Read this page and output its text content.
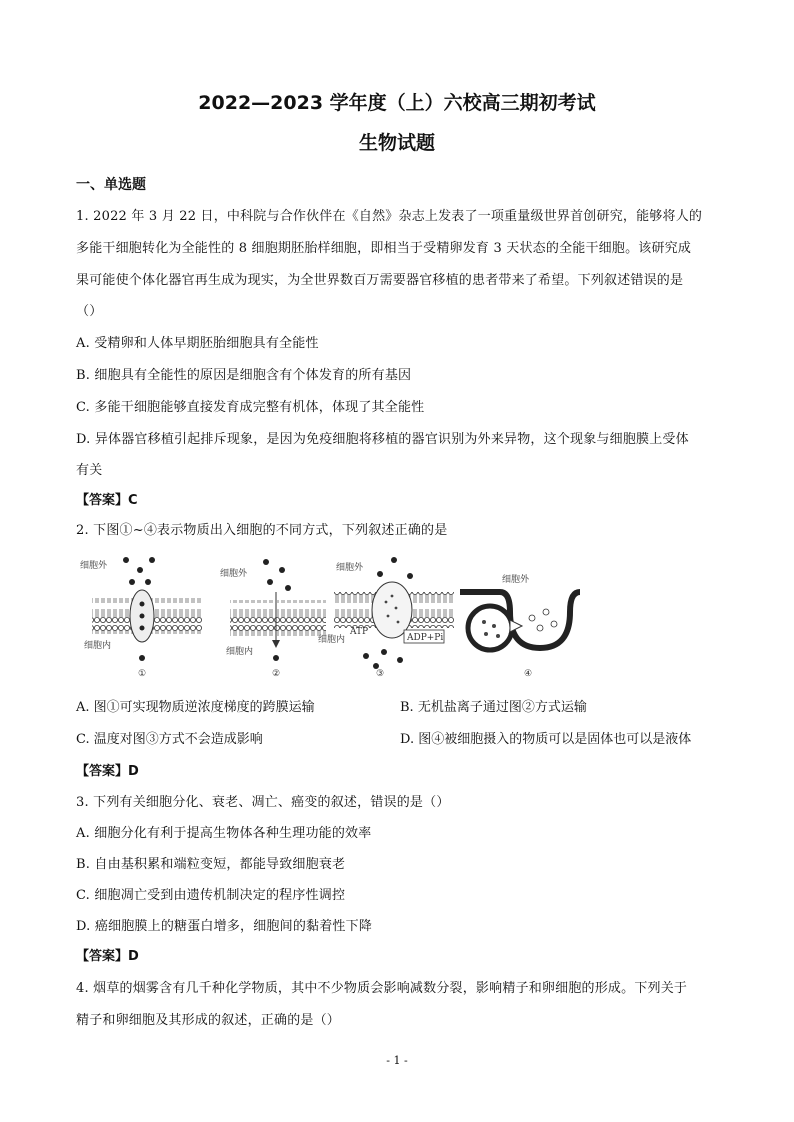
2022—2023 学年度（上）六校高三期初考试
生物试题
一、单选题
1. 2022 年 3 月 22 日，中科院与合作伙伴在《自然》杂志上发表了一项重量级世界首创研究，能够将人的
多能干细胞转化为全能性的 8 细胞期胚胎样细胞，即相当于受精卵发育 3 天状态的全能干细胞。该研究成
果可能使个体化器官再生成为现实，为全世界数百万需要器官移植的患者带来了希望。下列叙述错误的是
（）
A. 受精卵和人体早期胚胎细胞具有全能性
B. 细胞具有全能性的原因是细胞含有个体发育的所有基因
C. 多能干细胞能够直接发育成完整有机体，体现了其全能性
D. 异体器官移植引起排斥现象，是因为免疫细胞将移植的器官识别为外来异物，这个现象与细胞膜上受体
有关
【答案】C
2. 下图①~④表示物质出入细胞的不同方式，下列叙述正确的是
细胞外
细胞内
①
细胞外
细胞内
②
细胞外
细胞内
ATP
ADP+Pi
③
细胞外
④
A. 图①可实现物质逆浓度梯度的跨膜运输	B. 无机盐离子通过图②方式运输
C. 温度对图③方式不会造成影响	D. 图④被细胞摄入的物质可以是固体也可以是液体
【答案】D
3. 下列有关细胞分化、衰老、凋亡、癌变的叙述，错误的是（）
A. 细胞分化有利于提高生物体各种生理功能的效率
B. 自由基积累和端粒变短，都能导致细胞衰老
C. 细胞凋亡受到由遗传机制决定的程序性调控
D. 癌细胞膜上的糖蛋白增多，细胞间的黏着性下降
【答案】D
4. 烟草的烟雾含有几千种化学物质，其中不少物质会影响减数分裂，影响精子和卵细胞的形成。下列关于
精子和卵细胞及其形成的叙述，正确的是（）
- 1 -
